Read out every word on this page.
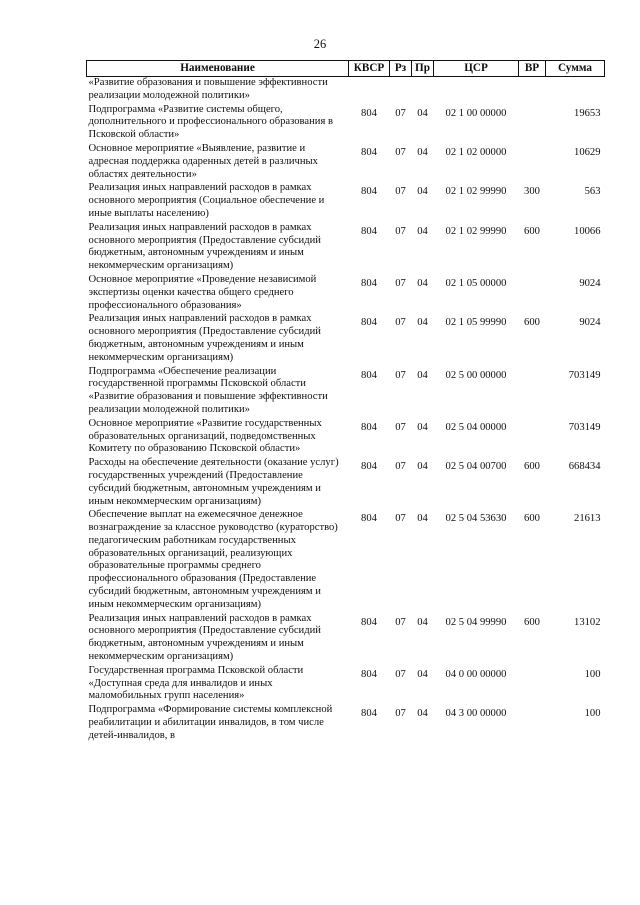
26
Наименование	КВСР	Рз	Пр	ЦСР	ВР	Сумма
«Развитие образования и повышение эффективности реализации молодежной политики»						
Подпрограмма «Развитие системы общего, дополнительного и профессионального образования в Псковской области»	804	07	04	02 1 00 00000		19653
Основное мероприятие «Выявление, развитие и адресная поддержка одаренных детей в различных областях деятельности»	804	07	04	02 1 02 00000		10629
Реализация иных направлений расходов в рамках основного мероприятия (Социальное обеспечение и иные выплаты населению)	804	07	04	02 1 02 99990	300	563
Реализация иных направлений расходов в рамках основного мероприятия (Предоставление субсидий бюджетным, автономным учреждениям и иным некоммерческим организациям)	804	07	04	02 1 02 99990	600	10066
Основное мероприятие «Проведение независимой экспертизы оценки качества общего среднего профессионального образования»	804	07	04	02 1 05 00000		9024
Реализация иных направлений расходов в рамках основного мероприятия (Предоставление субсидий бюджетным, автономным учреждениям и иным некоммерческим организациям)	804	07	04	02 1 05 99990	600	9024
Подпрограмма «Обеспечение реализации государственной программы Псковской области «Развитие образования и повышение эффективности реализации молодежной политики»	804	07	04	02 5 00 00000		703149
Основное мероприятие «Развитие государственных образовательных организаций, подведомственных Комитету по образованию Псковской области»	804	07	04	02 5 04 00000		703149
Расходы на обеспечение деятельности (оказание услуг) государственных учреждений (Предоставление субсидий бюджетным, автономным учреждениям и иным некоммерческим организациям)	804	07	04	02 5 04 00700	600	668434
Обеспечение выплат на ежемесячное денежное вознаграждение за классное руководство (кураторство) педагогическим работникам государственных образовательных организаций, реализующих образовательные программы среднего профессионального образования (Предоставление субсидий бюджетным, автономным учреждениям и иным некоммерческим организациям)	804	07	04	02 5 04 53630	600	21613
Реализация иных направлений расходов в рамках основного мероприятия (Предоставление субсидий бюджетным, автономным учреждениям и иным некоммерческим организациям)	804	07	04	02 5 04 99990	600	13102
Государственная программа Псковской области «Доступная среда для инвалидов и иных маломобильных групп населения»	804	07	04	04 0 00 00000		100
Подпрограмма «Формирование системы комплексной реабилитации и абилитации инвалидов, в том числе детей-инвалидов, в	804	07	04	04 3 00 00000		100
